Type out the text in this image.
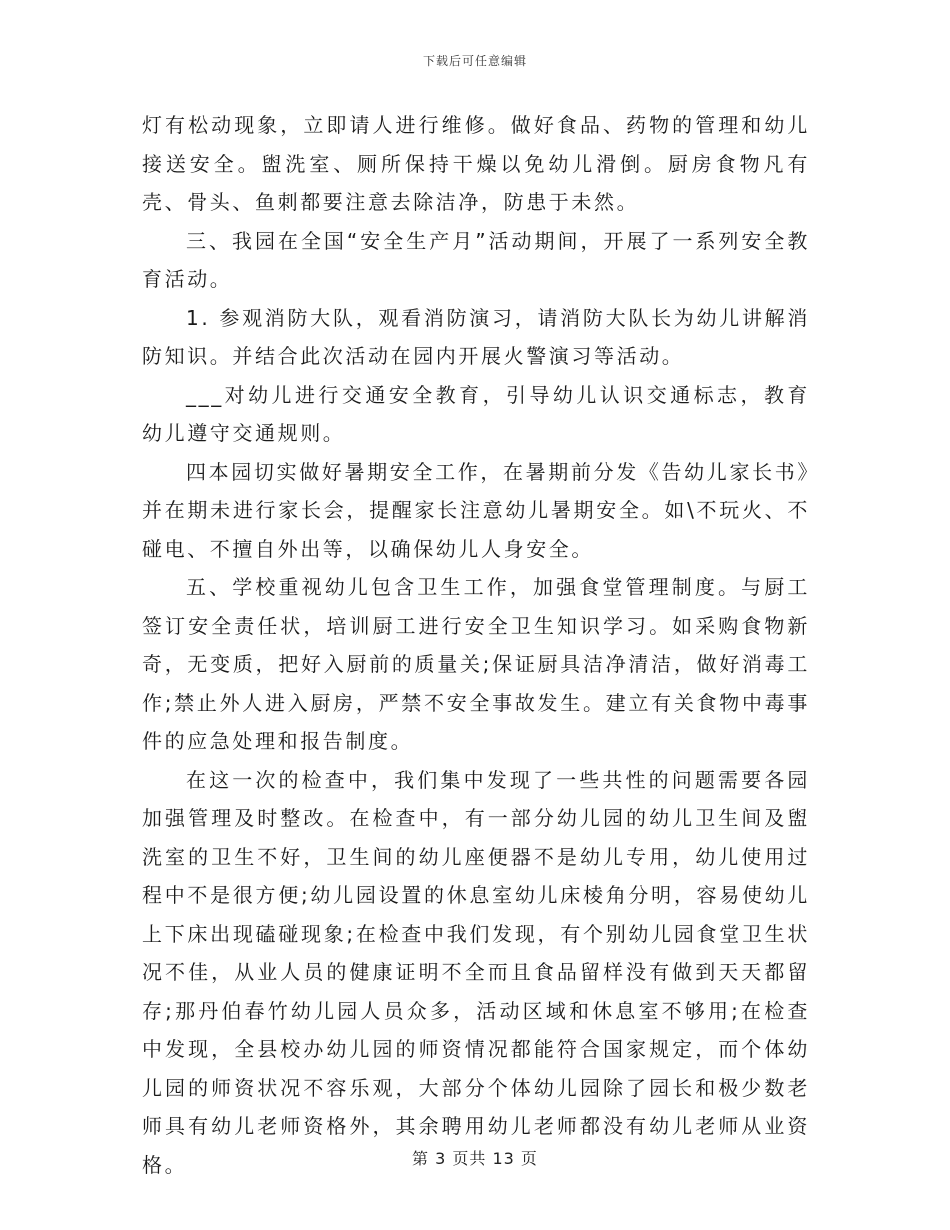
下载后可任意编辑

灯有松动现象，立即请人进行维修。做好食品、药物的管理和幼儿接送安全。盥洗室、厕所保持干燥以免幼儿滑倒。厨房食物凡有壳、骨头、鱼刺都要注意去除洁净，防患于未然。

三、我园在全国“安全生产月”活动期间，开展了一系列安全教育活动。

1. 参观消防大队，观看消防演习，请消防大队长为幼儿讲解消防知识。并结合此次活动在园内开展火警演习等活动。

___对幼儿进行交通安全教育，引导幼儿认识交通标志，教育幼儿遵守交通规则。

四本园切实做好暑期安全工作，在暑期前分发《告幼儿家长书》并在期未进行家长会，提醒家长注意幼儿暑期安全。如\不玩火、不碰电、不擅自外出等，以确保幼儿人身安全。

五、学校重视幼儿包含卫生工作，加强食堂管理制度。与厨工签订安全责任状，培训厨工进行安全卫生知识学习。如采购食物新奇，无变质，把好入厨前的质量关;保证厨具洁净清洁，做好消毒工作;禁止外人进入厨房，严禁不安全事故发生。建立有关食物中毒事件的应急处理和报告制度。

在这一次的检查中，我们集中发现了一些共性的问题需要各园加强管理及时整改。在检查中，有一部分幼儿园的幼儿卫生间及盥洗室的卫生不好，卫生间的幼儿座便器不是幼儿专用，幼儿使用过程中不是很方便;幼儿园设置的休息室幼儿床棱角分明，容易使幼儿上下床出现磕碰现象;在检查中我们发现，有个别幼儿园食堂卫生状况不佳，从业人员的健康证明不全而且食品留样没有做到天天都留存;那丹伯春竹幼儿园人员众多，活动区域和休息室不够用;在检查中发现，全县校办幼儿园的师资情况都能符合国家规定，而个体幼儿园的师资状况不容乐观，大部分个体幼儿园除了园长和极少数老师具有幼儿老师资格外，其余聘用幼儿老师都没有幼儿老师从业资格。	第 3 页共 13 页
